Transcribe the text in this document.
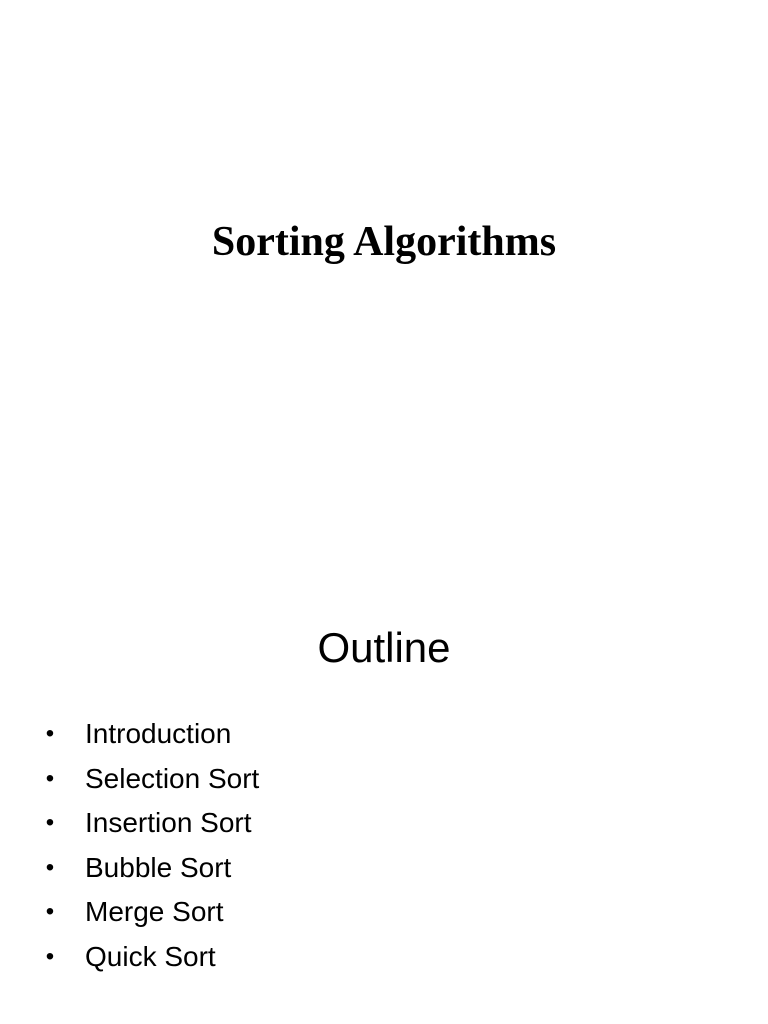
Sorting Algorithms
Outline
• Introduction
• Selection Sort
• Insertion Sort
• Bubble Sort
• Merge Sort
• Quick Sort
